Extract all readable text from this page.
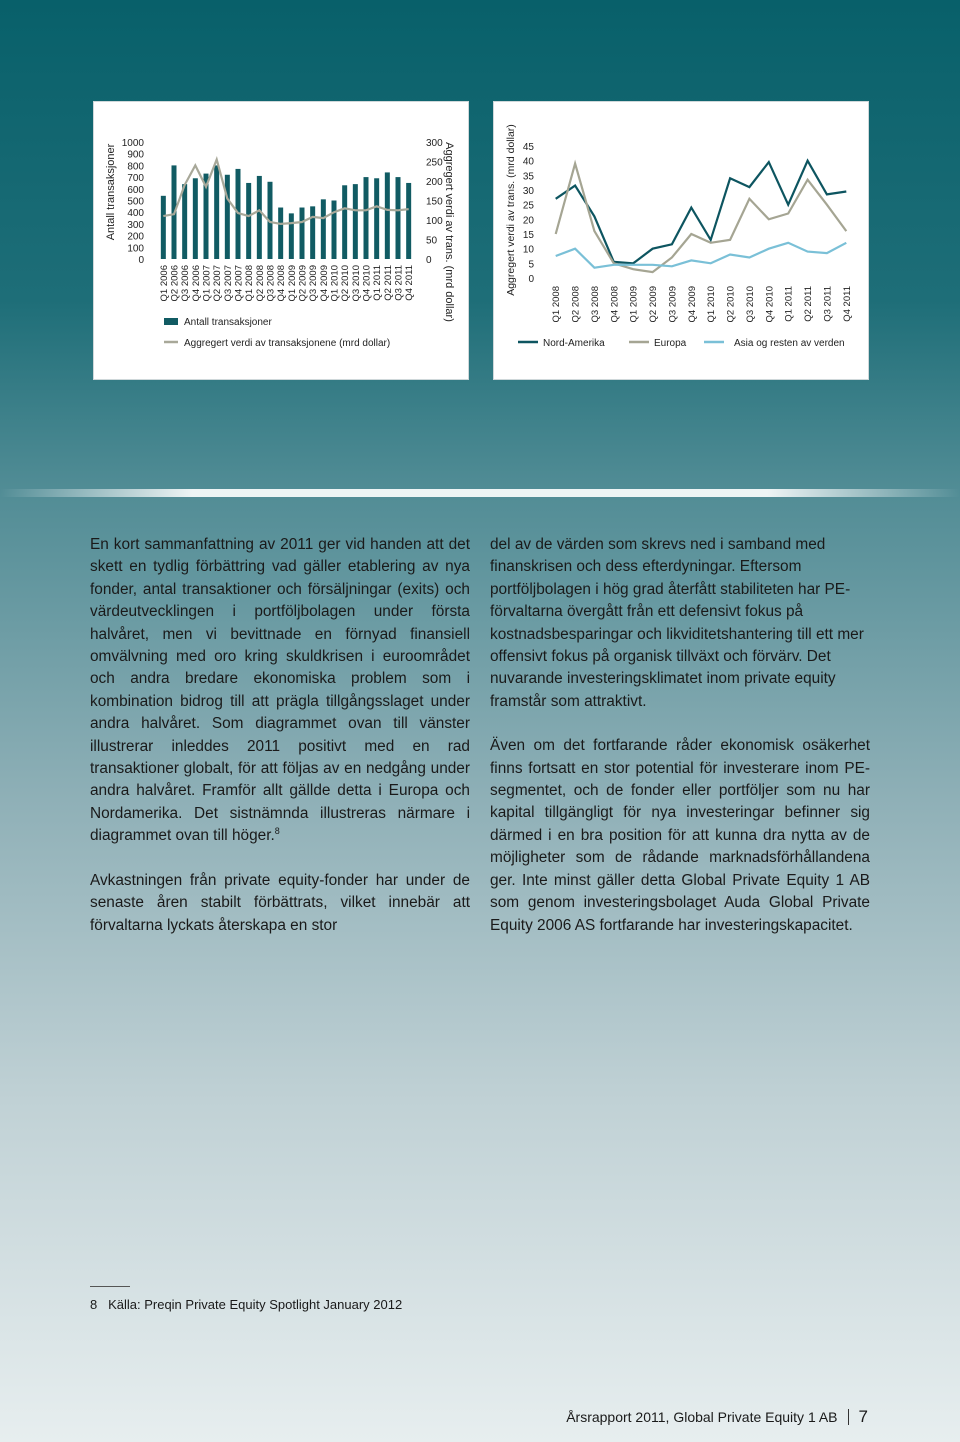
Antall transaksjoner	Aggregert verdi av trans. (mrd dollar)
1000
900
800
700
600
500
400
300
200
100
0
300
250
200
150
100
50
0
Q1 2006 Q2 2006 Q3 2006 Q4 2006 Q1 2007 Q2 2007 Q3 2007 Q4 2007 Q1 2008 Q2 2008 Q3 2008 Q4 2008 Q1 2009 Q2 2009 Q3 2009 Q4 2009 Q1 2010 Q2 2010 Q3 2010 Q4 2010 Q1 2011 Q2 2011 Q3 2011 Q4 2011
Antall transaksjoner
Aggregert verdi av transaksjonene (mrd dollar)
Aggregert verdi av trans. (mrd dollar) 45
40
35
30
25
20
15
10
5
0
Q1 2008 Q2 2008 Q3 2008 Q4 2008 Q1 2009 Q2 2009 Q3 2009 Q4 2009 Q1 2010 Q2 2010 Q3 2010 Q4 2010 Q1 2011 Q2 2011 Q3 2011 Q4 2011
Nord-Amerika	Europa	Asia og resten av verden

En kort sammanfattning av 2011 ger vid handen att det skett en tydlig förbättring vad gäller etablering av nya fonder, antal transaktioner och försäljningar (exits) och värdeutvecklingen i portföljbolagen under första halvåret, men vi bevittnade en förnyad finansiell omvälvning med oro kring skuldkrisen i euroområdet och andra bredare ekonomiska problem som i kombination bidrog till att prägla tillgångsslaget under andra halvåret. Som diagrammet ovan till vänster illustrerar inleddes 2011 positivt med en rad transaktioner globalt, för att följas av en nedgång under andra halvåret. Framför allt gällde detta i Europa och Nordamerika. Det sistnämnda illustreras närmare i diagrammet ovan till höger.$^8$

Avkastningen från private equity-fonder har under de senaste åren stabilt förbättrats, vilket innebär att förvaltarna lyckats återskapa en stor

del av de värden som skrevs ned i samband med finanskrisen och dess efterdyningar. Eftersom portföljbolagen i hög grad återfått stabiliteten har PE-förvaltarna övergått från ett defensivt fokus på kostnadsbesparingar och likviditetshantering till ett mer offensivt fokus på organisk tillväxt och förvärv. Det nuvarande investeringsklimatet inom private equity framstår som attraktivt.

Även om det fortfarande råder ekonomisk osäkerhet finns fortsatt en stor potential för investerare inom PE-segmentet, och de fonder eller portföljer som nu har kapital tillgängligt för nya investeringar befinner sig därmed i en bra position för att kunna dra nytta av de möjligheter som de rådande marknadsförhållandena ger. Inte minst gäller detta Global Private Equity 1 AB som genom investeringsbolaget Auda Global Private Equity 2006 AS fortfarande har investeringskapacitet.

8 Källa: Preqin Private Equity Spotlight January 2012
Årsrapport 2011, Global Private Equity 1 AB 7
